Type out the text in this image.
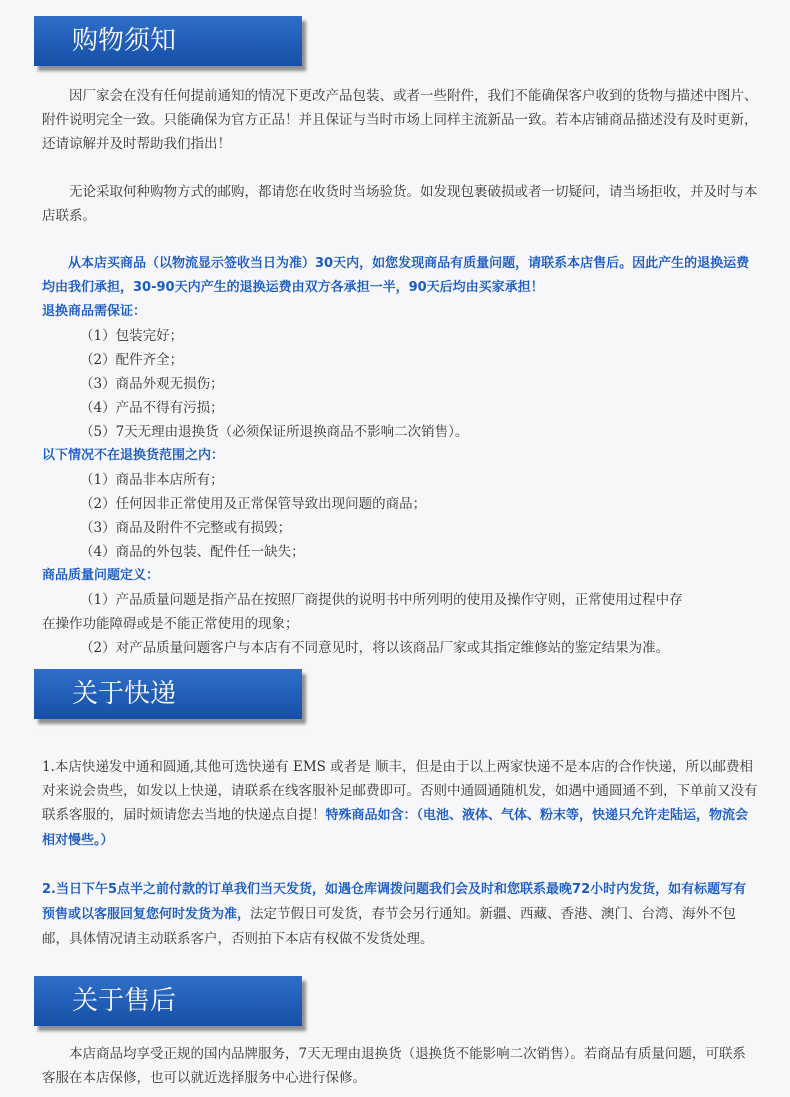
购物须知

因厂家会在没有任何提前通知的情况下更改产品包装、或者一些附件，我们不能确保客户收到的货物与描述中图片、附件说明完全一致。只能确保为官方正品！并且保证与当时市场上同样主流新品一致。若本店铺商品描述没有及时更新，还请谅解并及时帮助我们指出！

无论采取何种购物方式的邮购，都请您在收货时当场验货。如发现包裹破损或者一切疑问，请当场拒收，并及时与本店联系。

从本店买商品（以物流显示签收当日为准）30天内，如您发现商品有质量问题，请联系本店售后。因此产生的退换运费均由我们承担，30-90天内产生的退换运费由双方各承担一半，90天后均由买家承担！

退换商品需保证：

（1）包装完好；

（2）配件齐全；

（3）商品外观无损伤；

（4）产品不得有污损；

（5）7天无理由退换货（必须保证所退换商品不影响二次销售）。

以下情况不在退换货范围之内：

（1）商品非本店所有；

（2）任何因非正常使用及正常保管导致出现问题的商品；

（3）商品及附件不完整或有损毁；

（4）商品的外包装、配件任一缺失；

商品质量问题定义：

（1）产品质量问题是指产品在按照厂商提供的说明书中所列明的使用及操作守则，正常使用过程中存

在操作功能障碍或是不能正常使用的现象；

（2）对产品质量问题客户与本店有不同意见时，将以该商品厂家或其指定维修站的鉴定结果为准。

关于快递

1.本店快递发中通和圆通,其他可选快递有 EMS 或者是 顺丰，但是由于以上两家快递不是本店的合作快递，所以邮费相对来说会贵些，如发以上快递，请联系在线客服补足邮费即可。否则中通圆通随机发，如遇中通圆通不到，下单前又没有联系客服的，届时烦请您去当地的快递点自提！特殊商品如含：（电池、液体、气体、粉末等，快递只允许走陆运，物流会相对慢些。）

2.当日下午5点半之前付款的订单我们当天发货，如遇仓库调拨问题我们会及时和您联系最晚72小时内发货，如有标题写有预售或以客服回复您何时发货为准，法定节假日可发货，春节会另行通知。新疆、西藏、香港、澳门、台湾、海外不包邮，具体情况请主动联系客户，否则拍下本店有权做不发货处理。

关于售后

本店商品均享受正规的国内品牌服务，7天无理由退换货（退换货不能影响二次销售）。若商品有质量问题，可联系客服在本店保修，也可以就近选择服务中心进行保修。
